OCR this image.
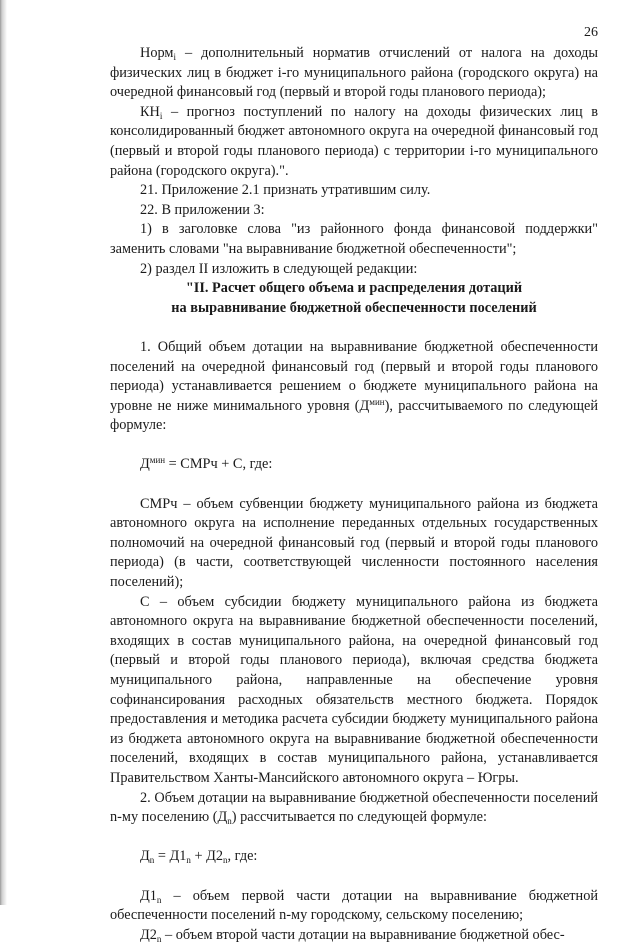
26

Норм$_i$ – дополнительный норматив отчислений от налога на доходы физических лиц в бюджет i-го муниципального района (городского округа) на очередной финансовый год (первый и второй годы планового периода);

$КН_i$ – прогноз поступлений по налогу на доходы физических лиц в консолидированный бюджет автономного округа на очередной финансовый год (первый и второй годы планового периода) с территории i-го муниципального района (городского округа).".

21. Приложение 2.1 признать утратившим силу.

22. В приложении 3:

1) в заголовке слова "из районного фонда финансовой поддержки" заменить словами "на выравнивание бюджетной обеспеченности";

2) раздел II изложить в следующей редакции:

"II. Расчет общего объема и распределения дотаций

на выравнивание бюджетной обеспеченности поселений

1. Общий объем дотации на выравнивание бюджетной обеспеченности поселений на очередной финансовый год (первый и второй годы планового периода) устанавливается решением о бюджете муниципального района на уровне не ниже минимального уровня $(Д^{мин})$, рассчитываемого по следующей формуле:

$Д^{мин}$ = СМРч + С, где:

СМРч – объем субвенции бюджету муниципального района из бюджета автономного округа на исполнение переданных отдельных государственных полномочий на очередной финансовый год (первый и второй годы планового периода) (в части, соответствующей численности постоянного населения поселений);

С – объем субсидии бюджету муниципального района из бюджета автономного округа на выравнивание бюджетной обеспеченности поселений, входящих в состав муниципального района, на очередной финансовый год (первый и второй годы планового периода), включая средства бюджета муниципального района, направленные на обеспечение уровня софинансирования расходных обязательств местного бюджета. Порядок предоставления и методика расчета субсидии бюджету муниципального района из бюджета автономного округа на выравнивание бюджетной обеспеченности поселений, входящих в состав муниципального района, устанавливается Правительством Ханты-Мансийского автономного округа – Югры.

2. Объем дотации на выравнивание бюджетной обеспеченности поселений n-му поселению $(Д_n)$ рассчитывается по следующей формуле:

$Д_n = Д1_n + Д2_n$, где:

$Д1_n$ – объем первой части дотации на выравнивание бюджетной обеспеченности поселений n-му городскому, сельскому поселению;

$Д2_n$ – объем второй части дотации на выравнивание бюджетной обес-
